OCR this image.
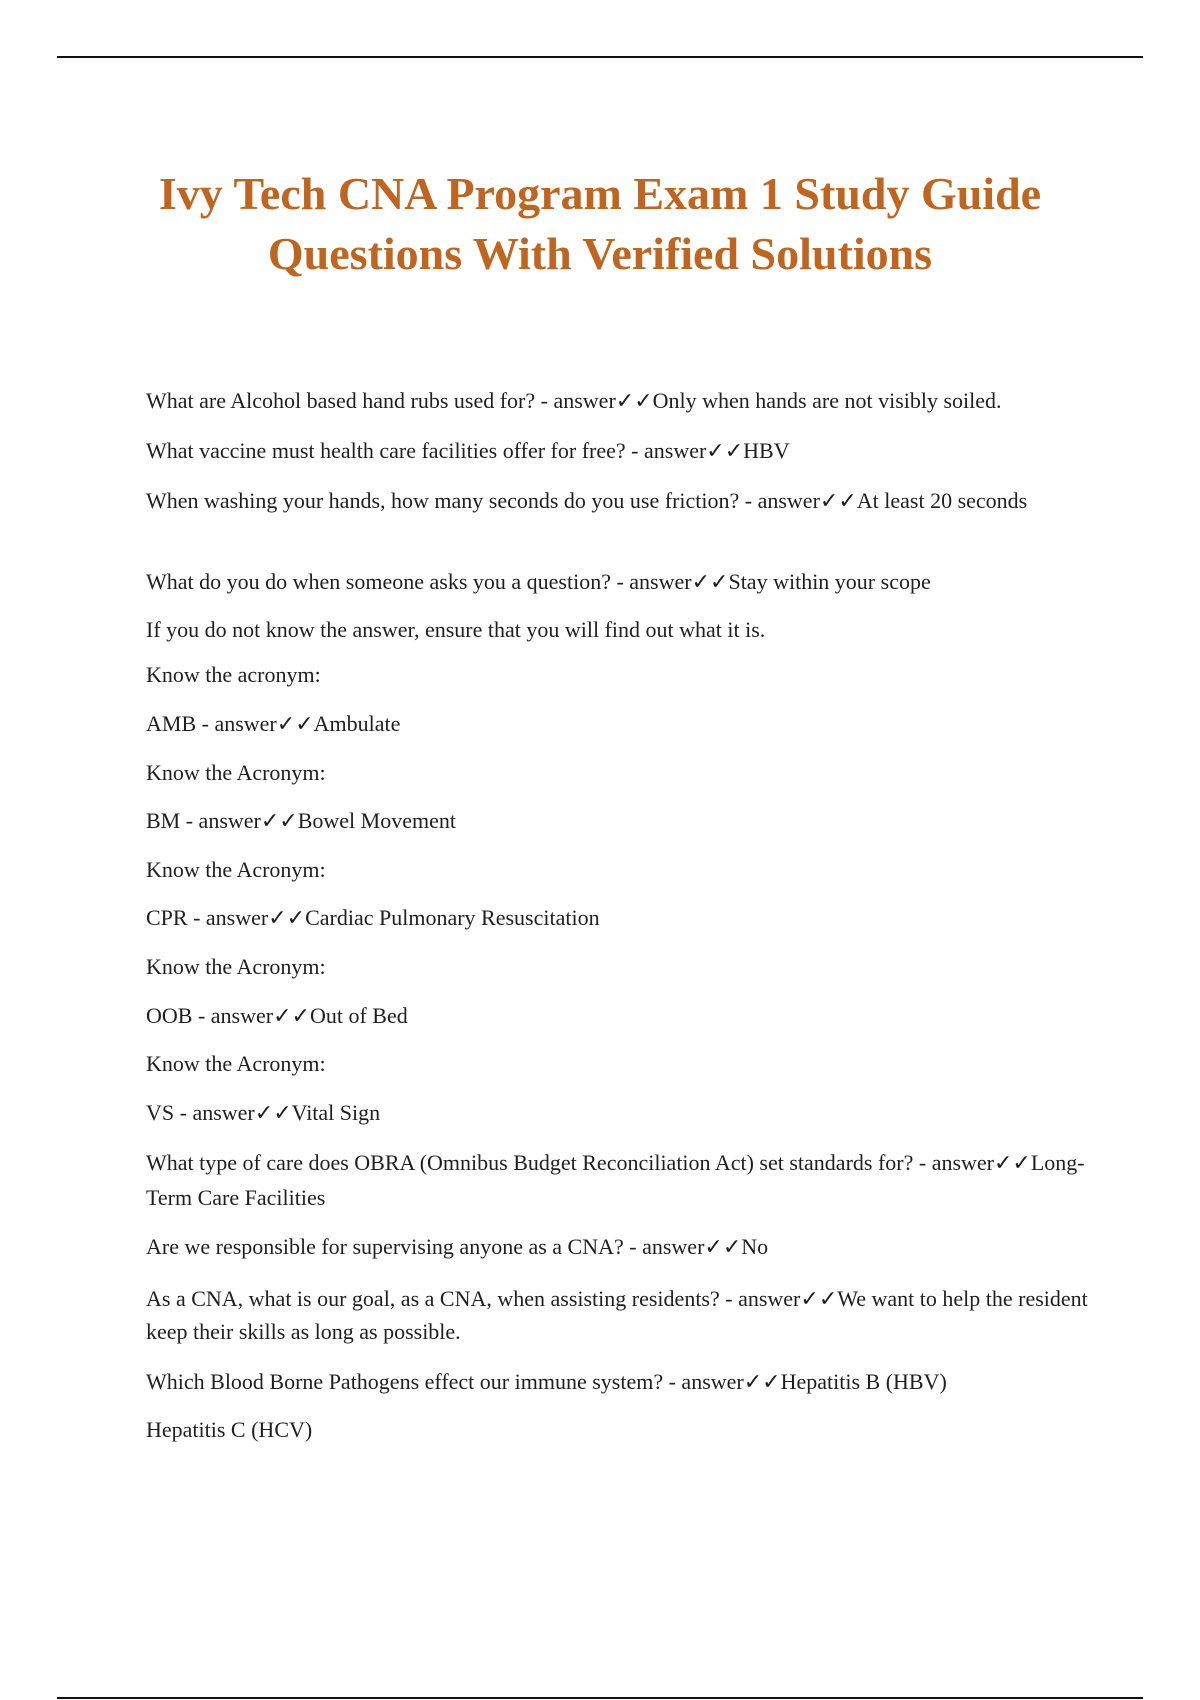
Ivy Tech CNA Program Exam 1 Study Guide
Questions With Verified Solutions

What are Alcohol based hand rubs used for? - answer✓✓Only when hands are not visibly soiled.

What vaccine must health care facilities offer for free? - answer✓✓HBV

When washing your hands, how many seconds do you use friction? - answer✓✓At least 20 seconds

What do you do when someone asks you a question? - answer✓✓Stay within your scope

If you do not know the answer, ensure that you will find out what it is.

Know the acronym:

AMB - answer✓✓Ambulate

Know the Acronym:

BM - answer✓✓Bowel Movement

Know the Acronym:

CPR - answer✓✓Cardiac Pulmonary Resuscitation

Know the Acronym:

OOB - answer✓✓Out of Bed

Know the Acronym:

VS - answer✓✓Vital Sign

What type of care does OBRA (Omnibus Budget Reconciliation Act) set standards for? - answer✓✓Long-Term Care Facilities

Are we responsible for supervising anyone as a CNA? - answer✓✓No

As a CNA, what is our goal, as a CNA, when assisting residents? - answer✓✓We want to help the resident keep their skills as long as possible.

Which Blood Borne Pathogens effect our immune system? - answer✓✓Hepatitis B (HBV)

Hepatitis C (HCV)
